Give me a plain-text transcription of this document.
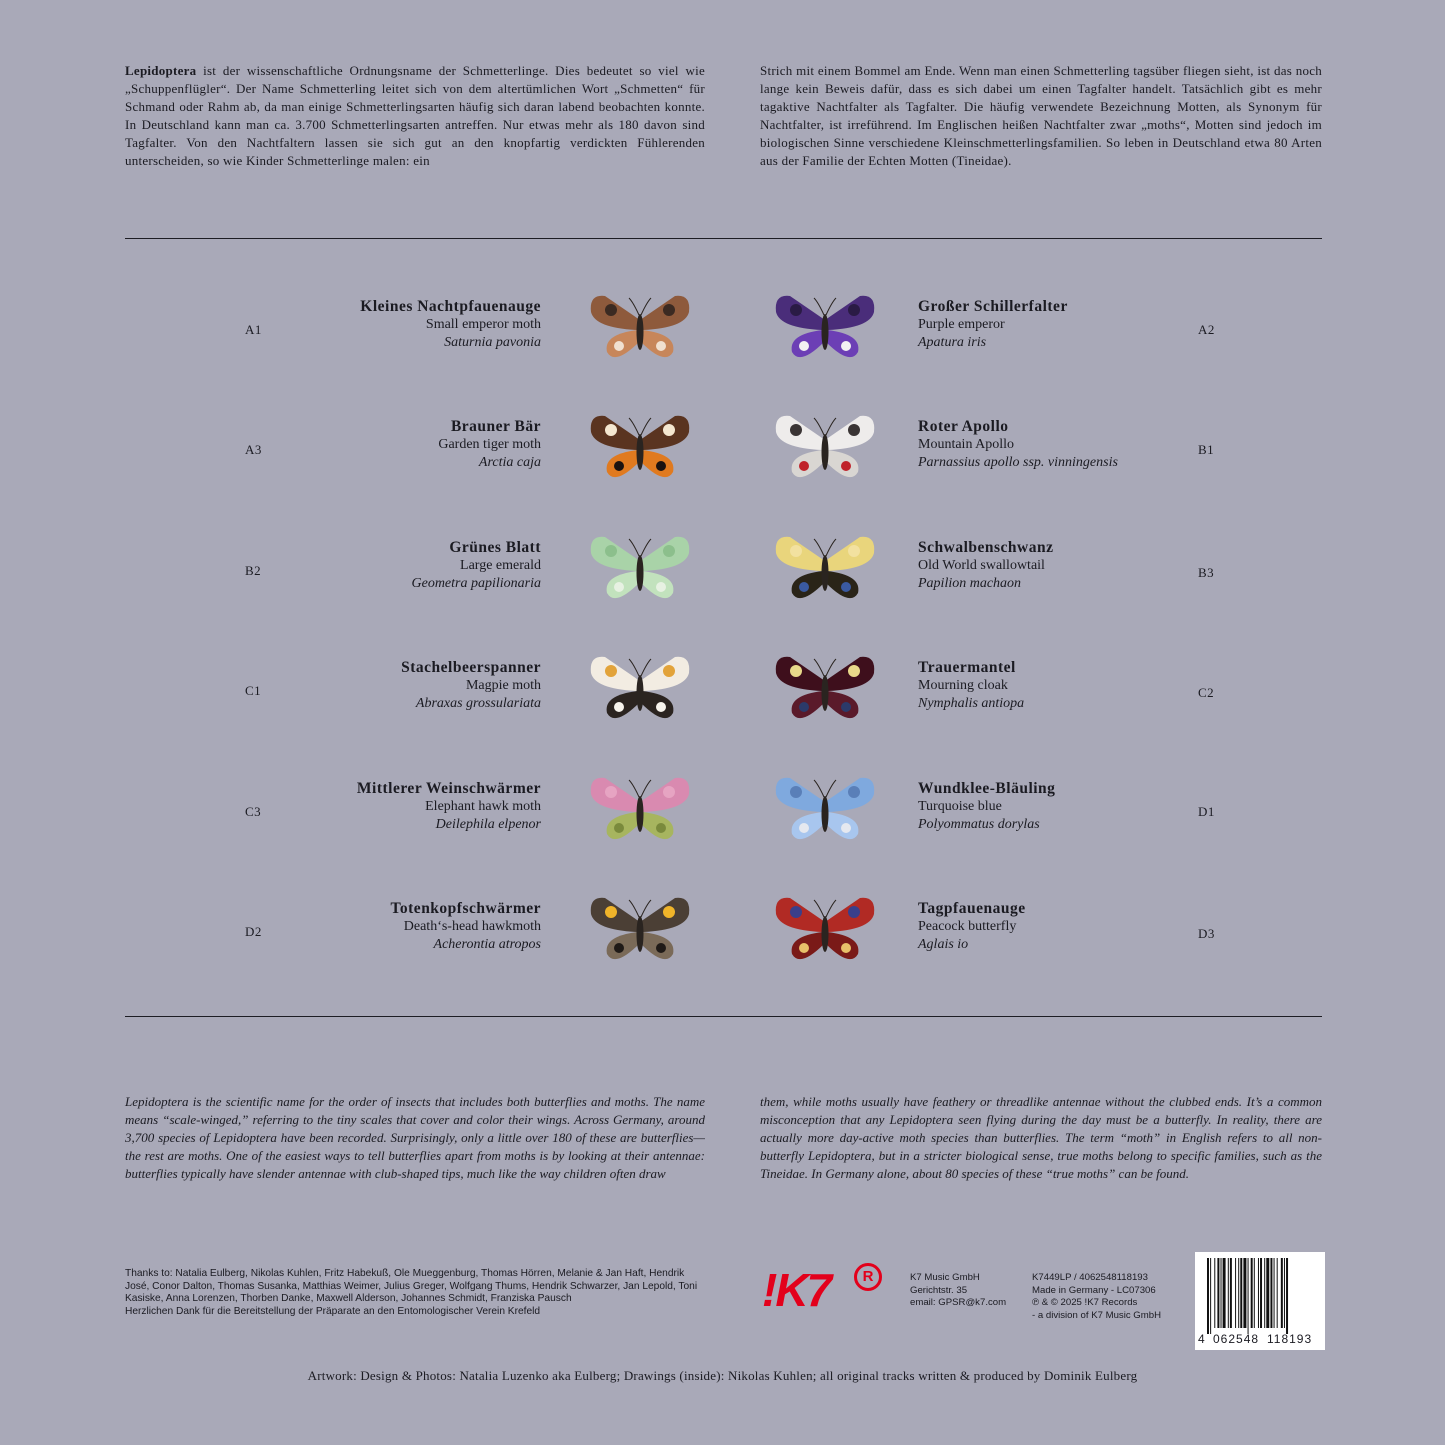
Lepidoptera ist der wissenschaftliche Ordnungsname der Schmetterlinge. Dies bedeutet so viel wie „Schuppenflügler“. Der Name Schmetterling leitet sich von dem altertümlichen Wort „Schmetten“ für Schmand oder Rahm ab, da man einige Schmetterlingsarten häufig sich daran labend beobachten konnte. In Deutschland kann man ca. 3.700 Schmetterlingsarten antreffen. Nur etwas mehr als 180 davon sind Tagfalter. Von den Nachtfaltern lassen sie sich gut an den knopfartig verdickten Fühlerenden unterscheiden, so wie Kinder Schmetterlinge malen: ein
Strich mit einem Bommel am Ende. Wenn man einen Schmetterling tagsüber fliegen sieht, ist das noch lange kein Beweis dafür, dass es sich dabei um einen Tagfalter handelt. Tatsächlich gibt es mehr tagaktive Nachtfalter als Tagfalter. Die häufig verwendete Bezeichnung Motten, als Synonym für Nachtfalter, ist irreführend. Im Englischen heißen Nachtfalter zwar „moths“, Motten sind jedoch im biologischen Sinne verschiedene Kleinschmetterlingsfamilien. So leben in Deutschland etwa 80 Arten aus der Familie der Echten Motten (Tineidae).
A1
Kleines Nachtpfauenauge
Small emperor moth
Saturnia pavonia
A2
Großer Schillerfalter
Purple emperor
Apatura iris
A3
Brauner Bär
Garden tiger moth
Arctia caja
B1
Roter Apollo
Mountain Apollo
Parnassius apollo ssp. vinningensis
B2
Grünes Blatt
Large emerald
Geometra papilionaria
B3
Schwalbenschwanz
Old World swallowtail
Papilion machaon
C1
Stachelbeerspanner
Magpie moth
Abraxas grossulariata
C2
Trauermantel
Mourning cloak
Nymphalis antiopa
C3
Mittlerer Weinschwärmer
Elephant hawk moth
Deilephila elpenor
D1
Wundklee-Bläuling
Turquoise blue
Polyommatus dorylas
D2
Totenkopfschwärmer
Death‘s-head hawkmoth
Acherontia atropos
D3
Tagpfauenauge
Peacock butterfly
Aglais io
Lepidoptera is the scientific name for the order of insects that includes both butterflies and moths. The name means “scale-winged,” referring to the tiny scales that cover and color their wings. Across Germany, around 3,700 species of Lepidoptera have been recorded. Surprisingly, only a little over 180 of these are butterflies—the rest are moths. One of the easiest ways to tell butterflies apart from moths is by looking at their antennae: butterflies typically have slender antennae with club-shaped tips, much like the way children often draw
them, while moths usually have feathery or threadlike antennae without the clubbed ends. It’s a common misconception that any Lepidoptera seen flying during the day must be a butterfly. In reality, there are actually more day-active moth species than butterflies. The term “moth” in English refers to all non-butterfly Lepidoptera, but in a stricter biological sense, true moths belong to specific families, such as the Tineidae. In Germany alone, about 80 species of these “true moths” can be found.
Thanks to: Natalia Eulberg, Nikolas Kuhlen, Fritz Habekuß, Ole Mueggenburg, Thomas Hörren, Melanie & Jan Haft, Hendrik José, Conor Dalton, Thomas Susanka, Matthias Weimer, Julius Greger, Wolfgang Thums, Hendrik Schwarzer, Jan Lepold, Toni Kasiske, Anna Lorenzen, Thorben Danke, Maxwell Alderson, Johannes Schmidt, Franziska Pausch
Herzlichen Dank für die Bereitstellung der Präparate an den Entomologischer Verein Krefeld	!K7	R	K7 Music GmbH
Gerichtstr. 35
email: GPSR@k7.com
K7449LP / 4062548118193
Made in Germany - LC07306
℗ & © 2025 !K7 Records
- a division of K7 Music GmbH
4 062548 118193
Artwork: Design & Photos: Natalia Luzenko aka Eulberg; Drawings (inside): Nikolas Kuhlen; all original tracks written & produced by Dominik Eulberg
